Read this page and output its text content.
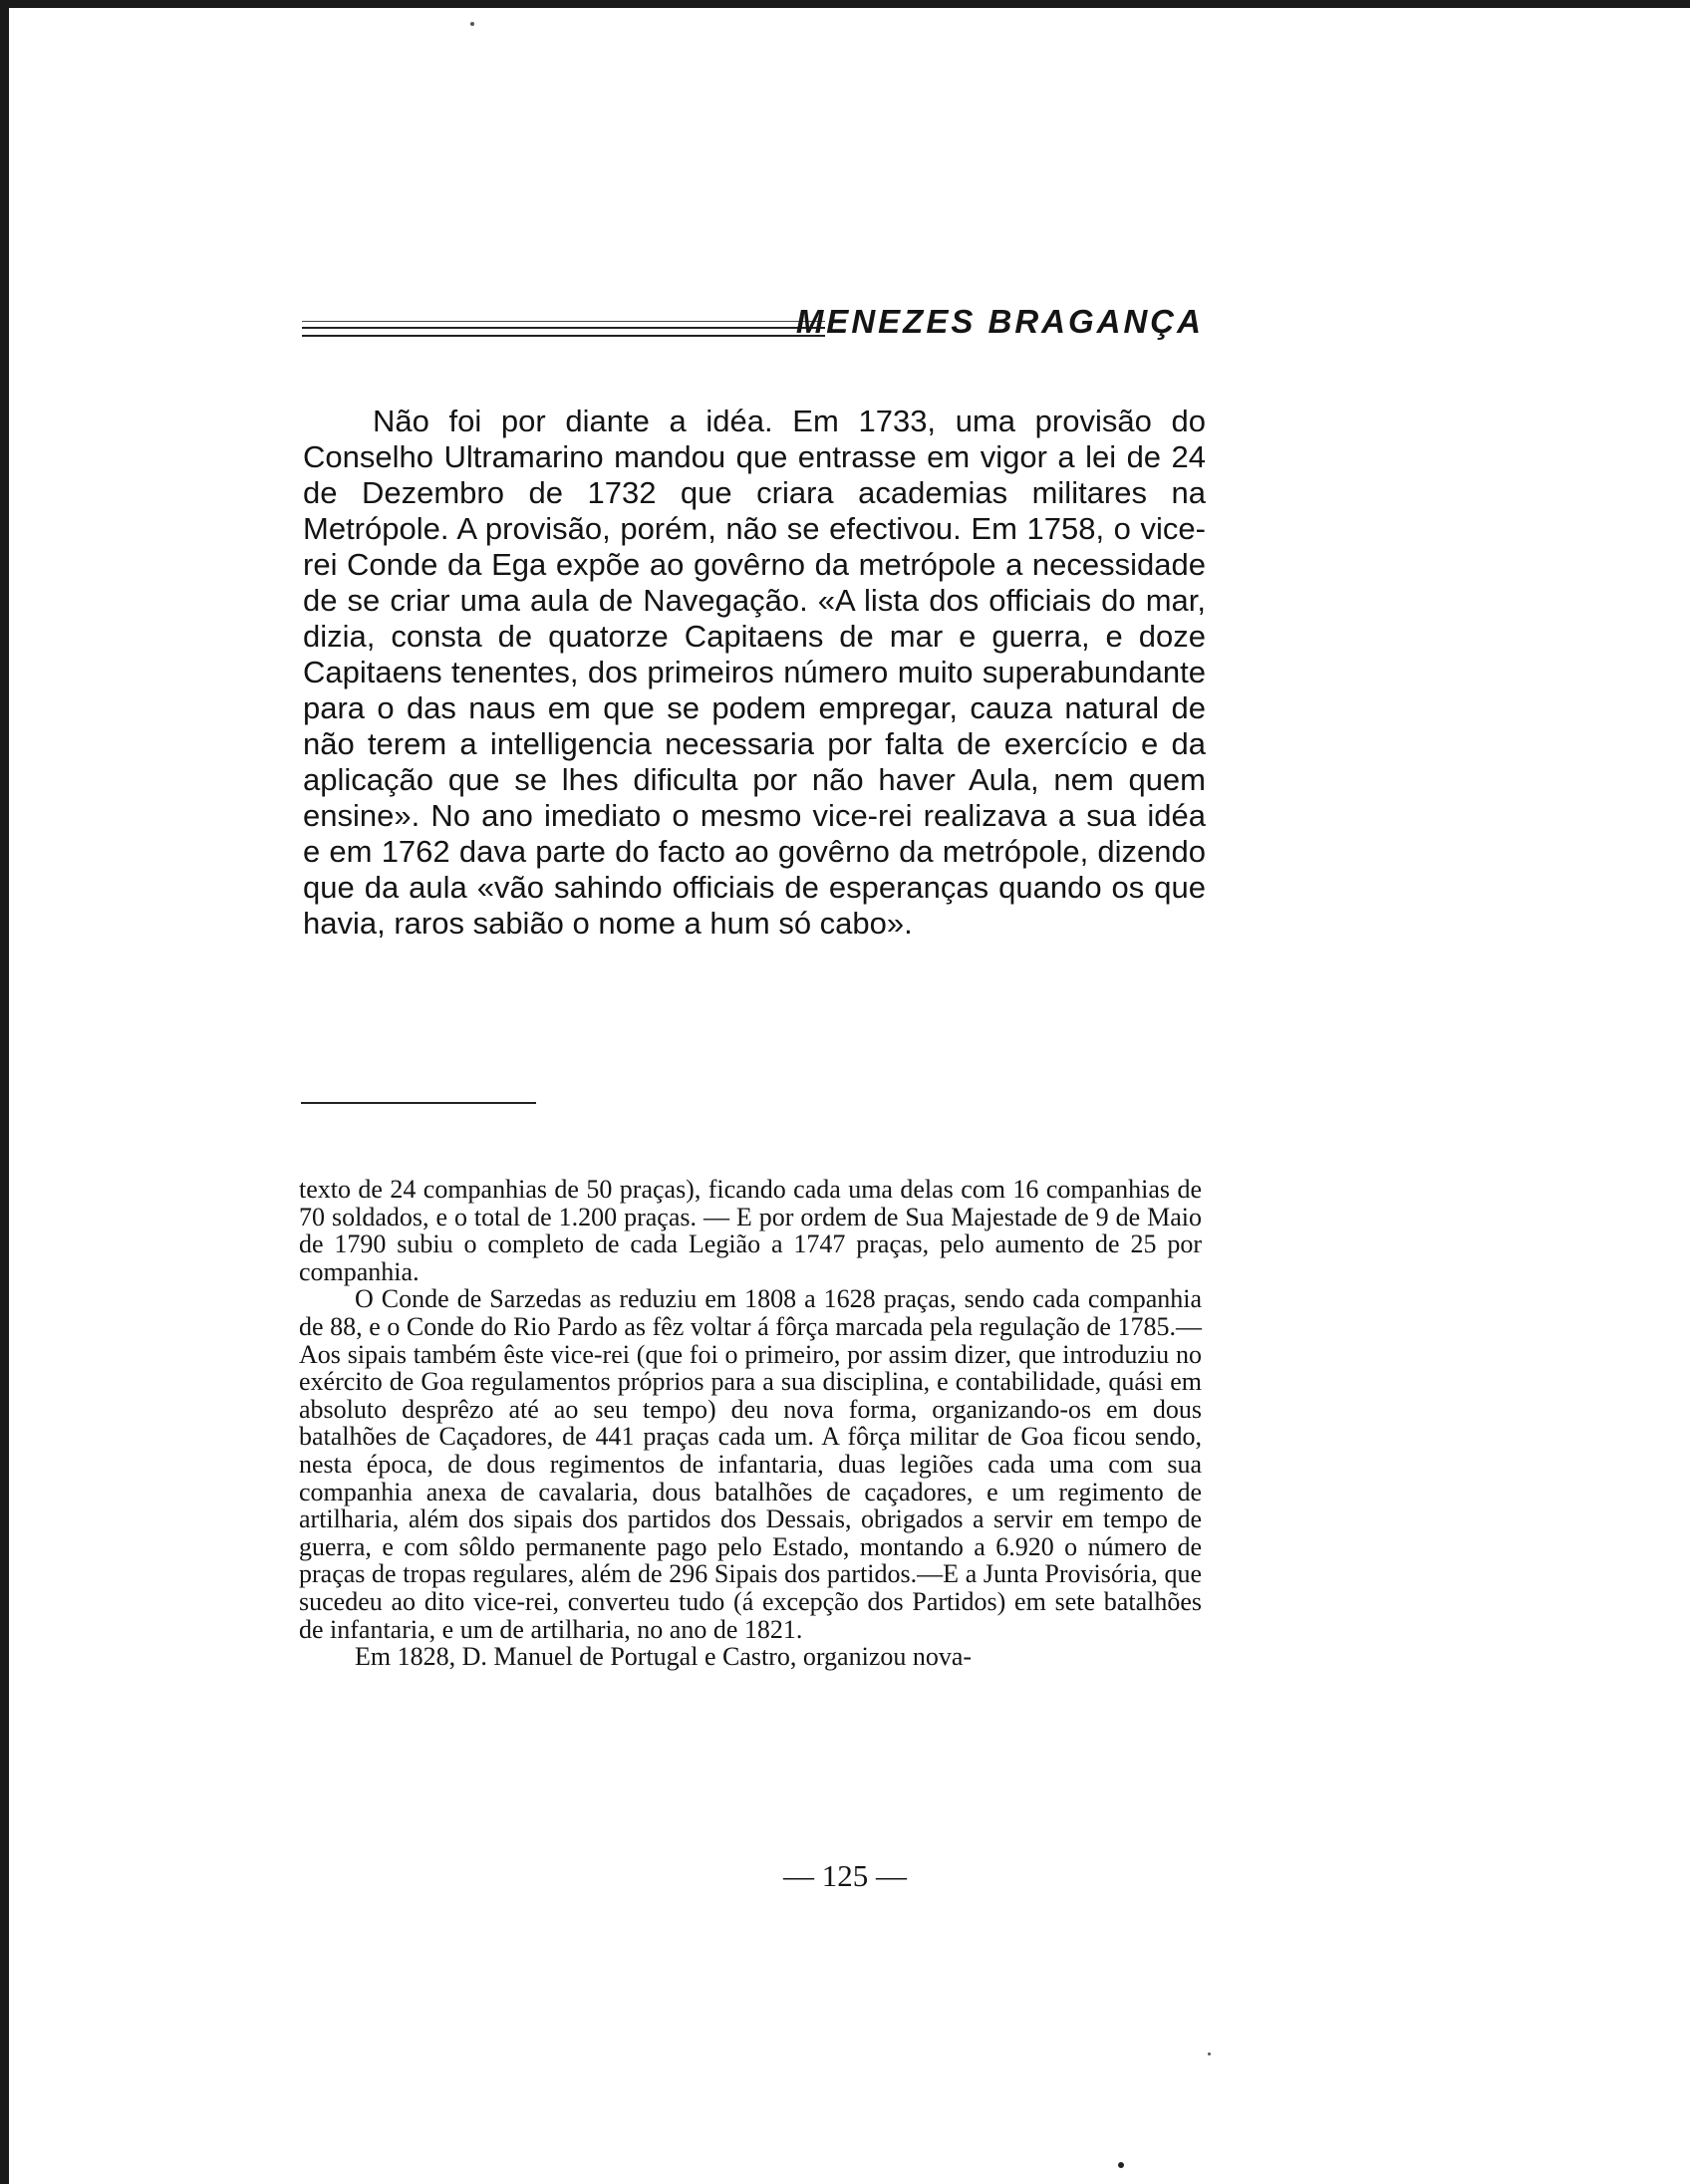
MENEZES BRAGANÇA

Não foi por diante a idéa. Em 1733, uma provisão do Conselho Ultramarino mandou que entrasse em vigor a lei de 24 de Dezembro de 1732 que criara academias militares na Metrópole. A provisão, porém, não se efectivou. Em 1758, o vice-rei Conde da Ega expõe ao govêrno da metrópole a necessidade de se criar uma aula de Navegação. «A lista dos officiais do mar, dizia, consta de quatorze Capitaens de mar e guerra, e doze Capitaens tenentes, dos primeiros número muito superabundante para o das naus em que se podem empregar, cauza natural de não terem a intelligencia necessaria por falta de exercício e da aplicação que se lhes dificulta por não haver Aula, nem quem ensine». No ano imediato o mesmo vice-rei realizava a sua idéa e em 1762 dava parte do facto ao govêrno da metrópole, dizendo que da aula «vão sahindo officiais de esperanças quando os que havia, raros sabião o nome a hum só cabo».

texto de 24 companhias de 50 praças), ficando cada uma delas com 16 companhias de 70 soldados, e o total de 1.200 praças. — E por ordem de Sua Majestade de 9 de Maio de 1790 subiu o completo de cada Legião a 1747 praças, pelo aumento de 25 por companhia.

O Conde de Sarzedas as reduziu em 1808 a 1628 praças, sendo cada companhia de 88, e o Conde do Rio Pardo as fêz voltar á fôrça marcada pela regulação de 1785.—Aos sipais também êste vice-rei (que foi o primeiro, por assim dizer, que introduziu no exército de Goa regulamentos próprios para a sua disciplina, e contabilidade, quási em absoluto desprêzo até ao seu tempo) deu nova forma, organizando-os em dous batalhões de Caçadores, de 441 praças cada um. A fôrça militar de Goa ficou sendo, nesta época, de dous regimentos de infantaria, duas legiões cada uma com sua companhia anexa de cavalaria, dous batalhões de caçadores, e um regimento de artilharia, além dos sipais dos partidos dos Dessais, obrigados a servir em tempo de guerra, e com sôldo permanente pago pelo Estado, montando a 6.920 o número de praças de tropas regulares, além de 296 Sipais dos partidos.—E a Junta Provisória, que sucedeu ao dito vice-rei, converteu tudo (á excepção dos Partidos) em sete batalhões de infantaria, e um de artilharia, no ano de 1821.

Em 1828, D. Manuel de Portugal e Castro, organizou nova-

— 125 —
